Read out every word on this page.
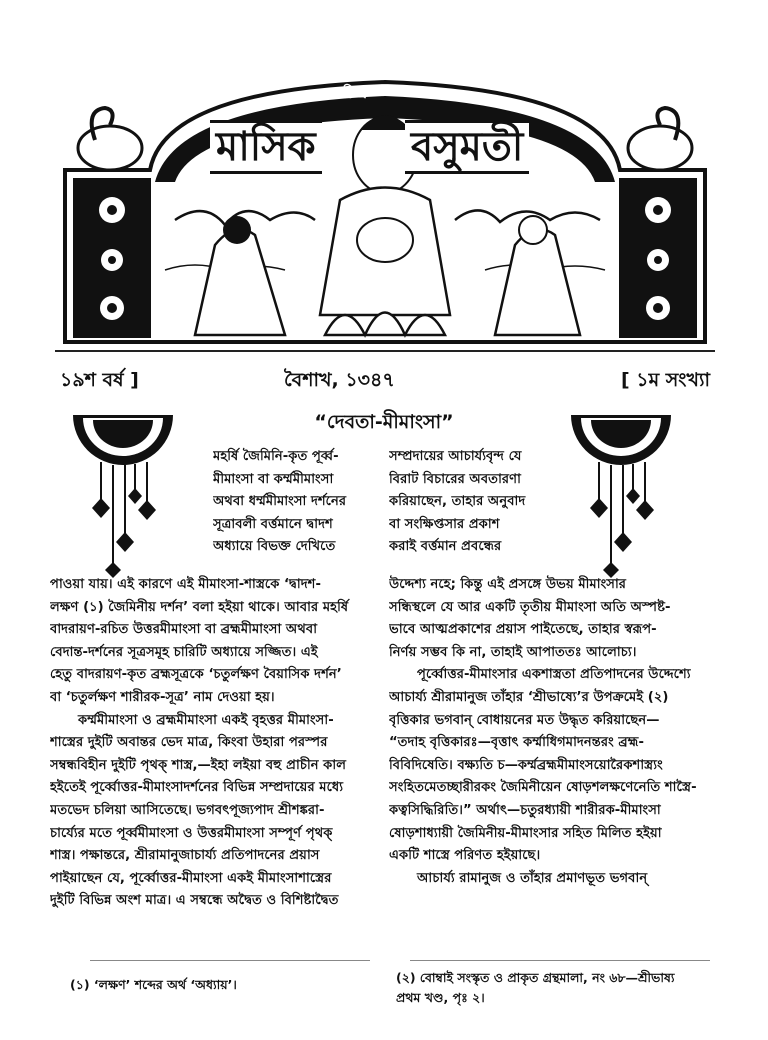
সচিত্র
মাসিক বসুমতী
১৯শ বর্ষ ]	বৈশাখ, ১৩৪৭	[ ১ম সংখ্যা
“দেবতা-মীমাংসা”

মহর্ষি জৈমিনি-কৃত পূর্ব্ব-

মীমাংসা বা কর্ম্মমীমাংসা

অথবা ধর্ম্মমীমাংসা দর্শনের

সূত্রাবলী বর্ত্তমানে দ্বাদশ

অধ্যায়ে বিভক্ত দেখিতে

পাওয়া যায়। এই কারণে এই মীমাংসা-শাস্ত্রকে ‘দ্বাদশ-

লক্ষণ (১) জৈমিনীয় দর্শন’ বলা হইয়া থাকে। আবার মহর্ষি

বাদরায়ণ-রচিত উত্তরমীমাংসা বা ব্রহ্মমীমাংসা অথবা

বেদান্ত-দর্শনের সূত্রসমূহ চারিটি অধ্যায়ে সজ্জিত। এই

হেতু বাদরায়ণ-কৃত ব্রহ্মসূত্রকে ‘চতুর্লক্ষণ বৈয়াসিক দর্শন’

বা ‘চতুর্লক্ষণ শারীরক-সূত্র’ নাম দেওয়া হয়।

কর্ম্মমীমাংসা ও ব্রহ্মমীমাংসা একই বৃহত্তর মীমাংসা-

শাস্ত্রের দুইটি অবান্তর ভেদ মাত্র, কিংবা উহারা পরস্পর

সম্বন্ধবিহীন দুইটি পৃথক্ শাস্ত্র,—ইহা লইয়া বহু প্রাচীন কাল

হইতেই পূর্ব্বোত্তর-মীমাংসাদর্শনের বিভিন্ন সম্প্রদায়ের মধ্যে

মতভেদ চলিয়া আসিতেছে। ভগবৎপূজ্যপাদ শ্রীশঙ্করা-

চার্য্যের মতে পূর্ব্বমীমাংসা ও উত্তরমীমাংসা সম্পূর্ণ পৃথক্

শাস্ত্র। পক্ষান্তরে, শ্রীরামানুজাচার্য্য প্রতিপাদনের প্রয়াস

পাইয়াছেন যে, পূর্ব্বোত্তর-মীমাংসা একই মীমাংসাশাস্ত্রের

দুইটি বিভিন্ন অংশ মাত্র। এ সম্বন্ধে অদ্বৈত ও বিশিষ্টাদ্বৈত

সম্প্রদায়ের আচার্য্যবৃন্দ যে

বিরাট বিচারের অবতারণা

করিয়াছেন, তাহার অনুবাদ

বা সংক্ষিপ্তসার প্রকাশ

করাই বর্ত্তমান প্রবন্ধের

উদ্দেশ্য নহে; কিন্তু এই প্রসঙ্গে উভয় মীমাংসার

সন্ধিস্থলে যে আর একটি তৃতীয় মীমাংসা অতি অস্পষ্ট-

ভাবে আত্মপ্রকাশের প্রয়াস পাইতেছে, তাহার স্বরূপ-

নির্ণয় সম্ভব কি না, তাহাই আপাততঃ আলোচ্য।

পূর্ব্বোত্তর-মীমাংসার একশাস্ত্রতা প্রতিপাদনের উদ্দেশ্যে

আচার্য্য শ্রীরামানুজ তাঁহার ‘শ্রীভাষ্যে’র উপক্রমেই (২)

বৃত্তিকার ভগবান্ বোধায়নের মত উদ্ধৃত করিয়াছেন—

“তদাহ বৃত্তিকারঃ—বৃত্তাৎ কর্ম্মাধিগমাদনন্তরং ব্রহ্ম-

বিবিদিষেতি। বক্ষ্যতি চ—কর্ম্মব্রহ্মমীমাংসয়োরৈকশাস্ত্র্যং

সংহিতমেতচ্ছারীরকং জৈমিনীয়েন ষোড়শলক্ষণেনেতি শাস্ত্রৈ-

কত্বসিদ্ধিরিতি।” অর্থাৎ—চতুরধ্যায়ী শারীরক-মীমাংসা

ষোড়শাধ্যায়ী জৈমিনীয়-মীমাংসার সহিত মিলিত হইয়া

একটি শাস্ত্রে পরিণত হইয়াছে।

আচার্য্য রামানুজ ও তাঁহার প্রমাণভূত ভগবান্

(১) ‘লক্ষণ’ শব্দের অর্থ ‘অধ্যায়’।	(২) বোম্বাই সংস্কৃত ও প্রাকৃত গ্রন্থমালা, নং ৬৮—শ্রীভাষ্য

প্রথম খণ্ড, পৃঃ ২।
